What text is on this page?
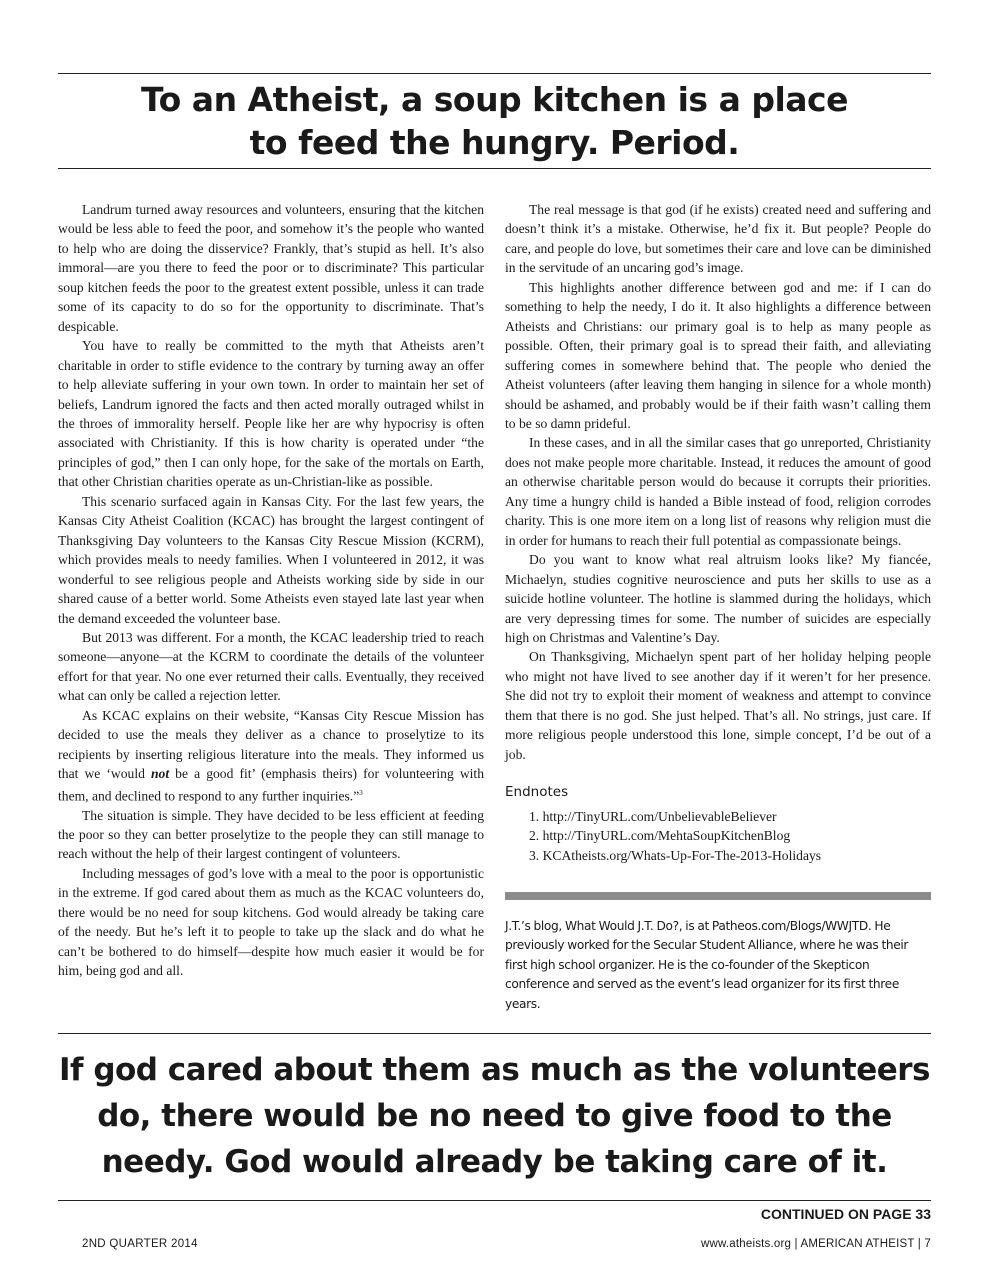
To an Atheist, a soup kitchen is a place
to feed the hungry. Period.

Landrum turned away resources and volunteers, ensuring that the kitchen would be less able to feed the poor, and somehow it’s the people who wanted to help who are doing the disservice? Frankly, that’s stupid as hell. It’s also immoral—are you there to feed the poor or to discriminate? This particular soup kitchen feeds the poor to the greatest extent possible, unless it can trade some of its capacity to do so for the opportunity to discriminate. That’s despicable.

You have to really be committed to the myth that Atheists aren’t charitable in order to stifle evidence to the contrary by turning away an offer to help alleviate suffering in your own town. In order to maintain her set of beliefs, Landrum ignored the facts and then acted morally outraged whilst in the throes of immorality herself. People like her are why hypocrisy is often associated with Christianity. If this is how charity is operated under “the principles of god,” then I can only hope, for the sake of the mortals on Earth, that other Christian charities operate as un-Christian-like as possible.

This scenario surfaced again in Kansas City. For the last few years, the Kansas City Atheist Coalition (KCAC) has brought the largest contingent of Thanksgiving Day volunteers to the Kansas City Rescue Mission (KCRM), which provides meals to needy families. When I volunteered in 2012, it was wonderful to see religious people and Atheists working side by side in our shared cause of a better world. Some Atheists even stayed late last year when the demand exceeded the volunteer base.

But 2013 was different. For a month, the KCAC leadership tried to reach someone—anyone—at the KCRM to coordinate the details of the volunteer effort for that year. No one ever returned their calls. Eventually, they received what can only be called a rejection letter.

As KCAC explains on their website, “Kansas City Rescue Mission has decided to use the meals they deliver as a chance to proselytize to its recipients by inserting religious literature into the meals. They informed us that we ‘would not be a good fit’ (emphasis theirs) for volunteering with them, and declined to respond to any further inquiries.”$^3$

The situation is simple. They have decided to be less efficient at feeding the poor so they can better proselytize to the people they can still manage to reach without the help of their largest contingent of volunteers.

Including messages of god’s love with a meal to the poor is opportunistic in the extreme. If god cared about them as much as the KCAC volunteers do, there would be no need for soup kitchens. God would already be taking care of the needy. But he’s left it to people to take up the slack and do what he can’t be bothered to do himself—despite how much easier it would be for him, being god and all.

The real message is that god (if he exists) created need and suffering and doesn’t think it’s a mistake. Otherwise, he’d fix it. But people? People do care, and people do love, but sometimes their care and love can be diminished in the servitude of an uncaring god’s image.

This highlights another difference between god and me: if I can do something to help the needy, I do it. It also highlights a difference between Atheists and Christians: our primary goal is to help as many people as possible. Often, their primary goal is to spread their faith, and alleviating suffering comes in somewhere behind that. The people who denied the Atheist volunteers (after leaving them hanging in silence for a whole month) should be ashamed, and probably would be if their faith wasn’t calling them to be so damn prideful.

In these cases, and in all the similar cases that go unreported, Christianity does not make people more charitable. Instead, it reduces the amount of good an otherwise charitable person would do because it corrupts their priorities. Any time a hungry child is handed a Bible instead of food, religion corrodes charity. This is one more item on a long list of reasons why religion must die in order for humans to reach their full potential as compassionate beings.

Do you want to know what real altruism looks like? My fiancée, Michaelyn, studies cognitive neuroscience and puts her skills to use as a suicide hotline volunteer. The hotline is slammed during the holidays, which are very depressing times for some. The number of suicides are especially high on Christmas and Valentine’s Day.

On Thanksgiving, Michaelyn spent part of her holiday helping people who might not have lived to see another day if it weren’t for her presence. She did not try to exploit their moment of weakness and attempt to convince them that there is no god. She just helped. That’s all. No strings, just care. If more religious people understood this lone, simple concept, I’d be out of a job.

Endnotes

1. http://TinyURL.com/UnbelievableBeliever

2. http://TinyURL.com/MehtaSoupKitchenBlog

3. KCAtheists.org/Whats-Up-For-The-2013-Holidays

J.T.’s blog, What Would J.T. Do?, is at Patheos.com/Blogs/WWJTD. He previously worked for the Secular Student Alliance, where he was their first high school organizer. He is the co-founder of the Skepticon conference and served as the event’s lead organizer for its first three years.
If god cared about them as much as the volunteers
do, there would be no need to give food to the
needy. God would already be taking care of it.
CONTINUED ON PAGE 33
2ND QUARTER 2014	www.atheists.org | AMERICAN ATHEIST | 7
